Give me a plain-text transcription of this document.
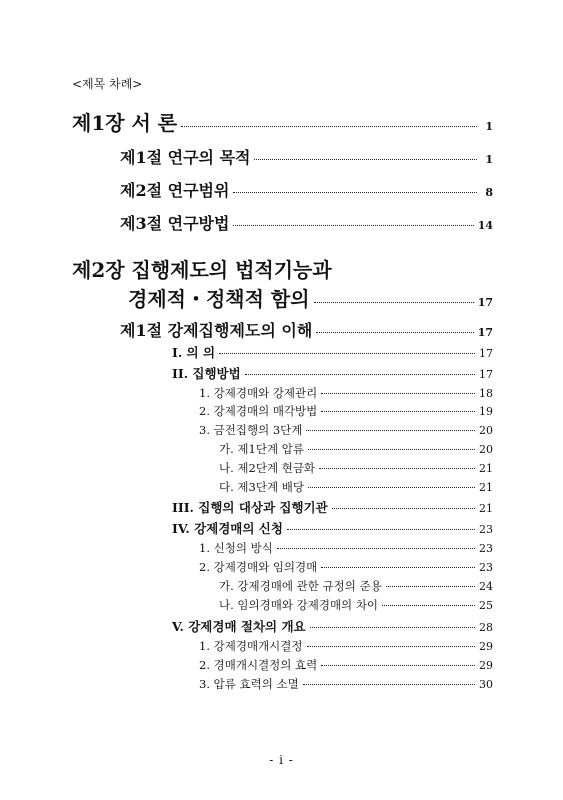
<제목 차례>
제1장 서 론	1
제1절 연구의 목적	1
제2절 연구범위	8
제3절 연구방법	14
제2장 집행제도의 법적기능과
경제적・정책적 함의	17
제1절 강제집행제도의 이해	17
I. 의 의	17
II. 집행방법	17
1. 강제경매와 강제관리	18
2. 강제경매의 매각방법	19
3. 금전집행의 3단계	20
가. 제1단계 압류	20
나. 제2단계 현금화	21
다. 제3단계 배당	21
III. 집행의 대상과 집행기관	21
IV. 강제경매의 신청	23
1. 신청의 방식	23
2. 강제경매와 임의경매	23
가. 강제경매에 관한 규정의 준용	24
나. 임의경매와 강제경매의 차이	25
V. 강제경매 절차의 개요	28
1. 강제경매개시결정	29
2. 경매개시결정의 효력	29
3. 압류 효력의 소멸	30
- i -
